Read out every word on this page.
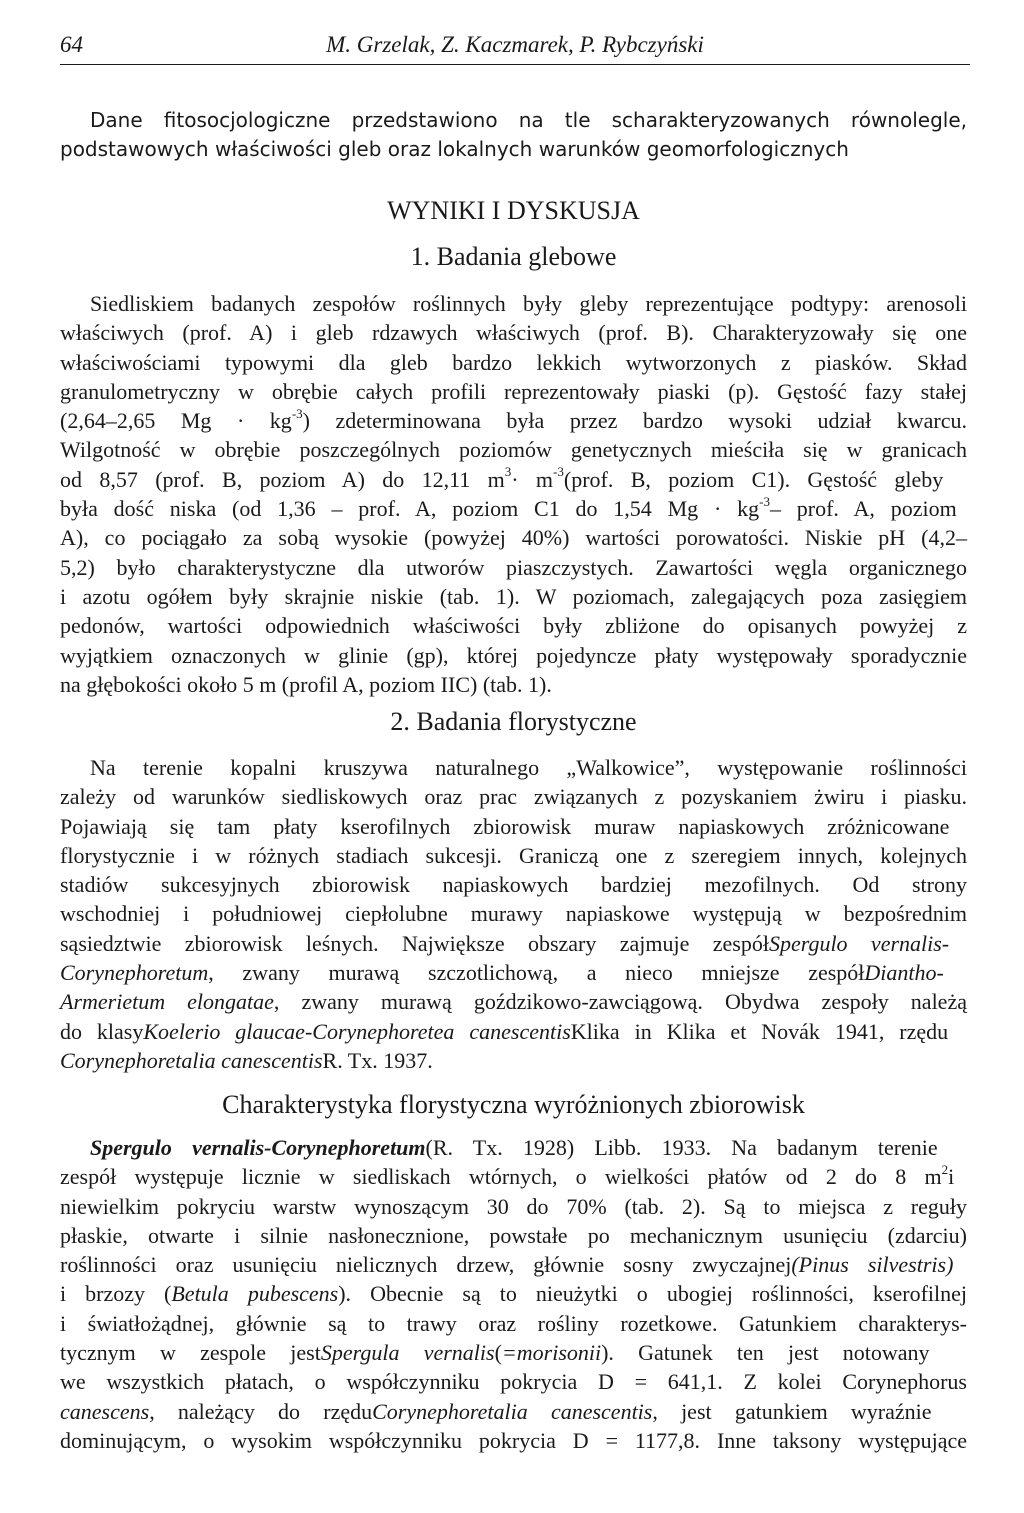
64	M. Grzelak, Z. Kaczmarek, P. Rybczyński
Dane fitosocjologiczne przedstawiono na tle scharakteryzowanych równolegle,
podstawowych właściwości gleb oraz lokalnych warunków geomorfologicznych
WYNIKI I DYSKUSJA
1. Badania glebowe
Siedliskiem badanych zespołów roślinnych były gleby reprezentujące podtypy: arenosoli
właściwych (prof. A) i gleb rdzawych właściwych (prof. B). Charakteryzowały się one
właściwościami typowymi dla gleb bardzo lekkich wytworzonych z piasków. Skład
granulometryczny w obrębie całych profili reprezentowały piaski (p). Gęstość fazy stałej
(2,64–2,65 $Mg \cdot kg^{-3}$) zdeterminowana była przez bardzo wysoki udział kwarcu.
Wilgotność w obrębie poszczególnych poziomów genetycznych mieściła się w granicach
od 8,57 (prof. B, poziom A) do 12,11 $m^3\cdot$ $m^{-3}(prof$. B, poziom C1). Gęstość gleby
była dość niska (od 1,36 – prof. A, poziom C1 do 1,54 $Mg \cdot kg^{-3}-$ prof. A, poziom
A), co pociągało za sobą wysokie (powyżej 40%) wartości porowatości. Niskie pH (4,2–
5,2) było charakterystyczne dla utworów piaszczystych. Zawartości węgla organicznego
i azotu ogółem były skrajnie niskie (tab. 1). W poziomach, zalegających poza zasięgiem
pedonów, wartości odpowiednich właściwości były zbliżone do opisanych powyżej z
wyjątkiem oznaczonych w glinie (gp), której pojedyncze płaty występowały sporadycznie
na głębokości około 5 m (profil A, poziom IIC) (tab. 1).
2. Badania florystyczne
Na terenie kopalni kruszywa naturalnego „Walkowice”, występowanie roślinności
zależy od warunków siedliskowych oraz prac związanych z pozyskaniem żwiru i piasku.
Pojawiają się tam płaty kserofilnych zbiorowisk muraw napiaskowych zróżnicowane
florystycznie i w różnych stadiach sukcesji. Graniczą one z szeregiem innych, kolejnych
stadiów sukcesyjnych zbiorowisk napiaskowych bardziej mezofilnych. Od strony
wschodniej i południowej ciepłolubne murawy napiaskowe występują w bezpośrednim
sąsiedztwie zbiorowisk leśnych. Największe obszary zajmuje zespółSpergulo vernalis-
Corynephoretum, zwany murawą szczotlichową, a nieco mniejsze zespółDiantho-
Armerietum elongatae, zwany murawą goździkowo-zawciągową. Obydwa zespoły należą
do klasyKoelerio glaucae-Corynephoretea canescentisKlika in Klika et Novák 1941, rzędu
Corynephoretalia canescentisR. Tx. 1937.
Charakterystyka florystyczna wyróżnionych zbiorowisk
Spergulo vernalis-Corynephoretum(R. Tx. 1928) Libb. 1933. Na badanym terenie
zespół występuje licznie w siedliskach wtórnych, o wielkości płatów od 2 do 8 $m^2i$
niewielkim pokryciu warstw wynoszącym 30 do 70% (tab. 2). Są to miejsca z reguły
płaskie, otwarte i silnie nasłonecznione, powstałe po mechanicznym usunięciu (zdarciu)
roślinności oraz usunięciu nielicznych drzew, głównie sosny zwyczajnej(Pinus silvestris)
i brzozy (Betula pubescens). Obecnie są to nieużytki o ubogiej roślinności, kserofilnej
i światłożądnej, głównie są to trawy oraz rośliny rozetkowe. Gatunkiem charakterys-
tycznym w zespole jestSpergula vernalis(=morisonii). Gatunek ten jest notowany
we wszystkich płatach, o współczynniku pokrycia D = 641,1. Z kolei Corynephorus
canescens, należący do rzęduCorynephoretalia canescentis, jest gatunkiem wyraźnie
dominującym, o wysokim współczynniku pokrycia D = 1177,8. Inne taksony występujące
